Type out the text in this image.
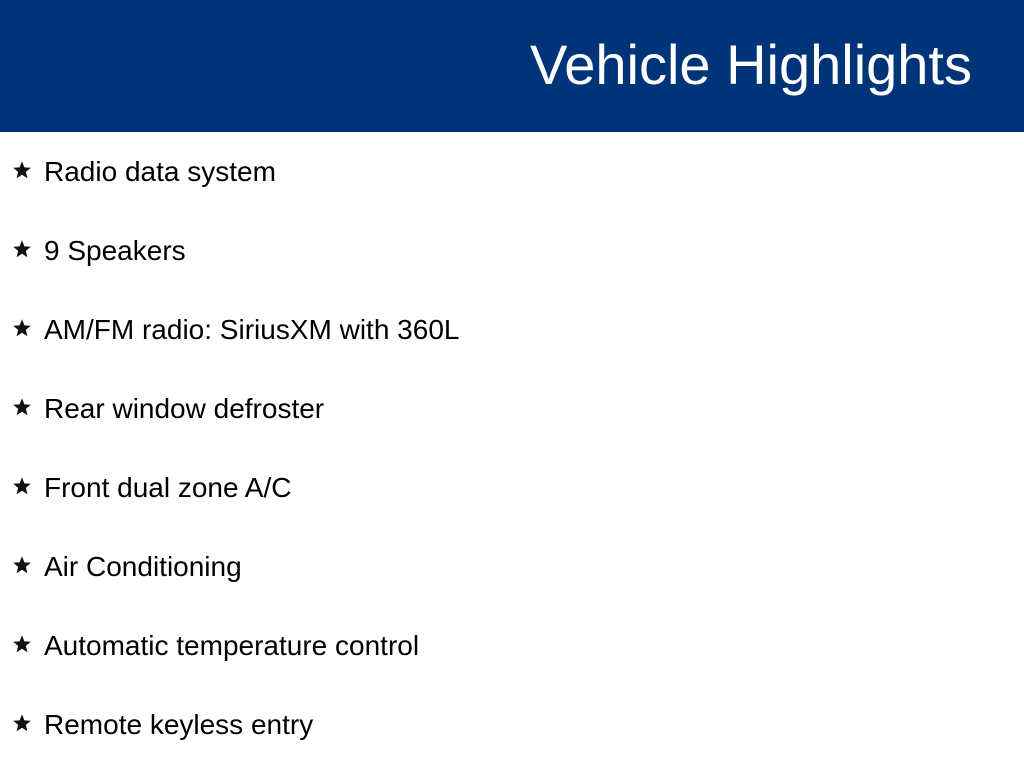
Vehicle Highlights
Radio data system
9 Speakers
AM/FM radio: SiriusXM with 360L
Rear window defroster
Front dual zone A/C
Air Conditioning
Automatic temperature control
Remote keyless entry
